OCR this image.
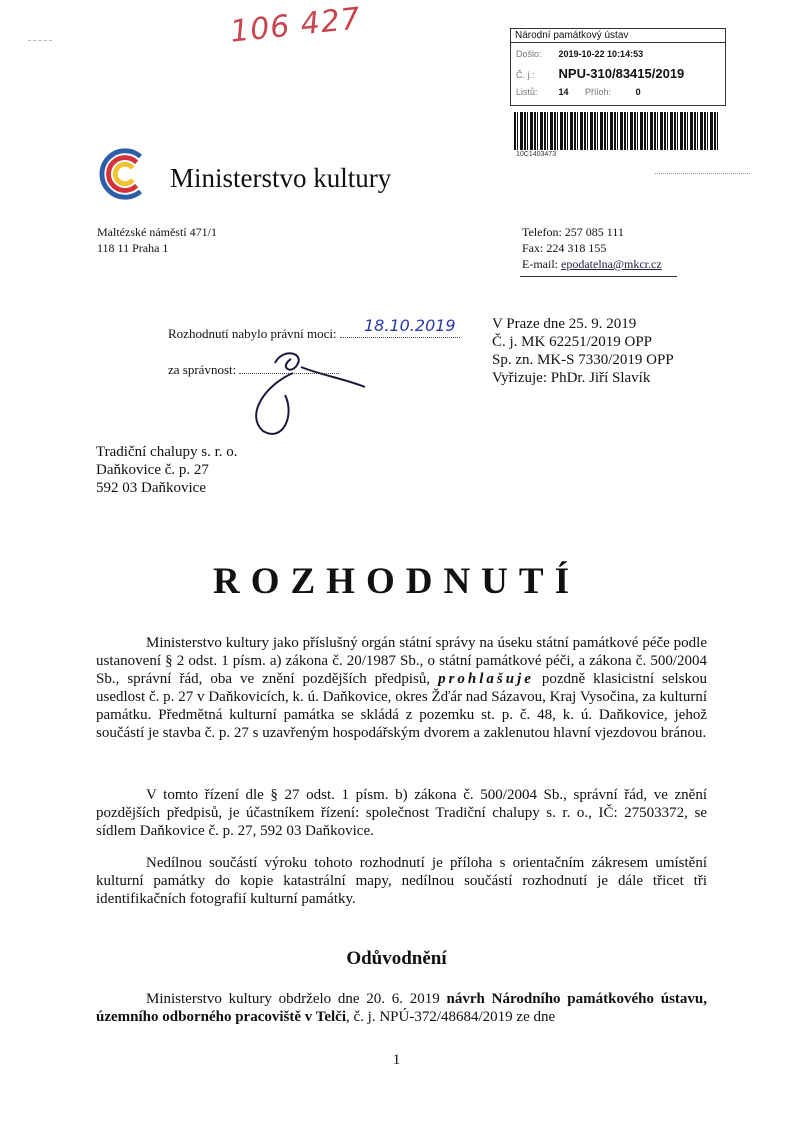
106 427	Národní památkový ústav
Došlo: 2019-10-22 10:14:53
Č. j.: NPU-310/83415/2019
Listů: 14 Příloh:	0
10C1403473
Ministerstvo kultury
Maltézské náměstí 471/1
118 11 Praha 1
Telefon: 257 085 111
Fax: 224 318 155
E-mail: epodatelna@mkcr.cz
Rozhodnutí nabylo právní moci:	18.10.2019
za správnost:
V Praze dne 25. 9. 2019
Č. j. MK 62251/2019 OPP
Sp. zn. MK-S 7330/2019 OPP
Vyřizuje: PhDr. Jiří Slavík
Tradiční chalupy s. r. o.
Daňkovice č. p. 27
592 03 Daňkovice
ROZHODNUTÍ
Ministerstvo kultury jako příslušný orgán státní správy na úseku státní památkové péče podle ustanovení § 2 odst. 1 písm. a) zákona č. 20/1987 Sb., o státní památkové péči, a zákona č. 500/2004 Sb., správní řád, oba ve znění pozdějších předpisů, prohlašuje pozdně klasicistní selskou usedlost č. p. 27 v Daňkovicích, k. ú. Daňkovice, okres Žďár nad Sázavou, Kraj Vysočina, za kulturní památku. Předmětná kulturní památka se skládá z pozemku st. p. č. 48, k. ú. Daňkovice, jehož součástí je stavba č. p. 27 s uzavřeným hospodářským dvorem a zaklenutou hlavní vjezdovou bránou.
V tomto řízení dle § 27 odst. 1 písm. b) zákona č. 500/2004 Sb., správní řád, ve znění pozdějších předpisů, je účastníkem řízení: společnost Tradiční chalupy s. r. o., IČ: 27503372, se sídlem Daňkovice č. p. 27, 592 03 Daňkovice.
Nedílnou součástí výroku tohoto rozhodnutí je příloha s orientačním zákresem umístění kulturní památky do kopie katastrální mapy, nedílnou součástí rozhodnutí je dále třicet tři identifikačních fotografií kulturní památky.
Odůvodnění
Ministerstvo kultury obdrželo dne 20. 6. 2019 návrh Národního památkového ústavu, územního odborného pracoviště v Telči, č. j. NPÚ-372/48684/2019 ze dne
1
